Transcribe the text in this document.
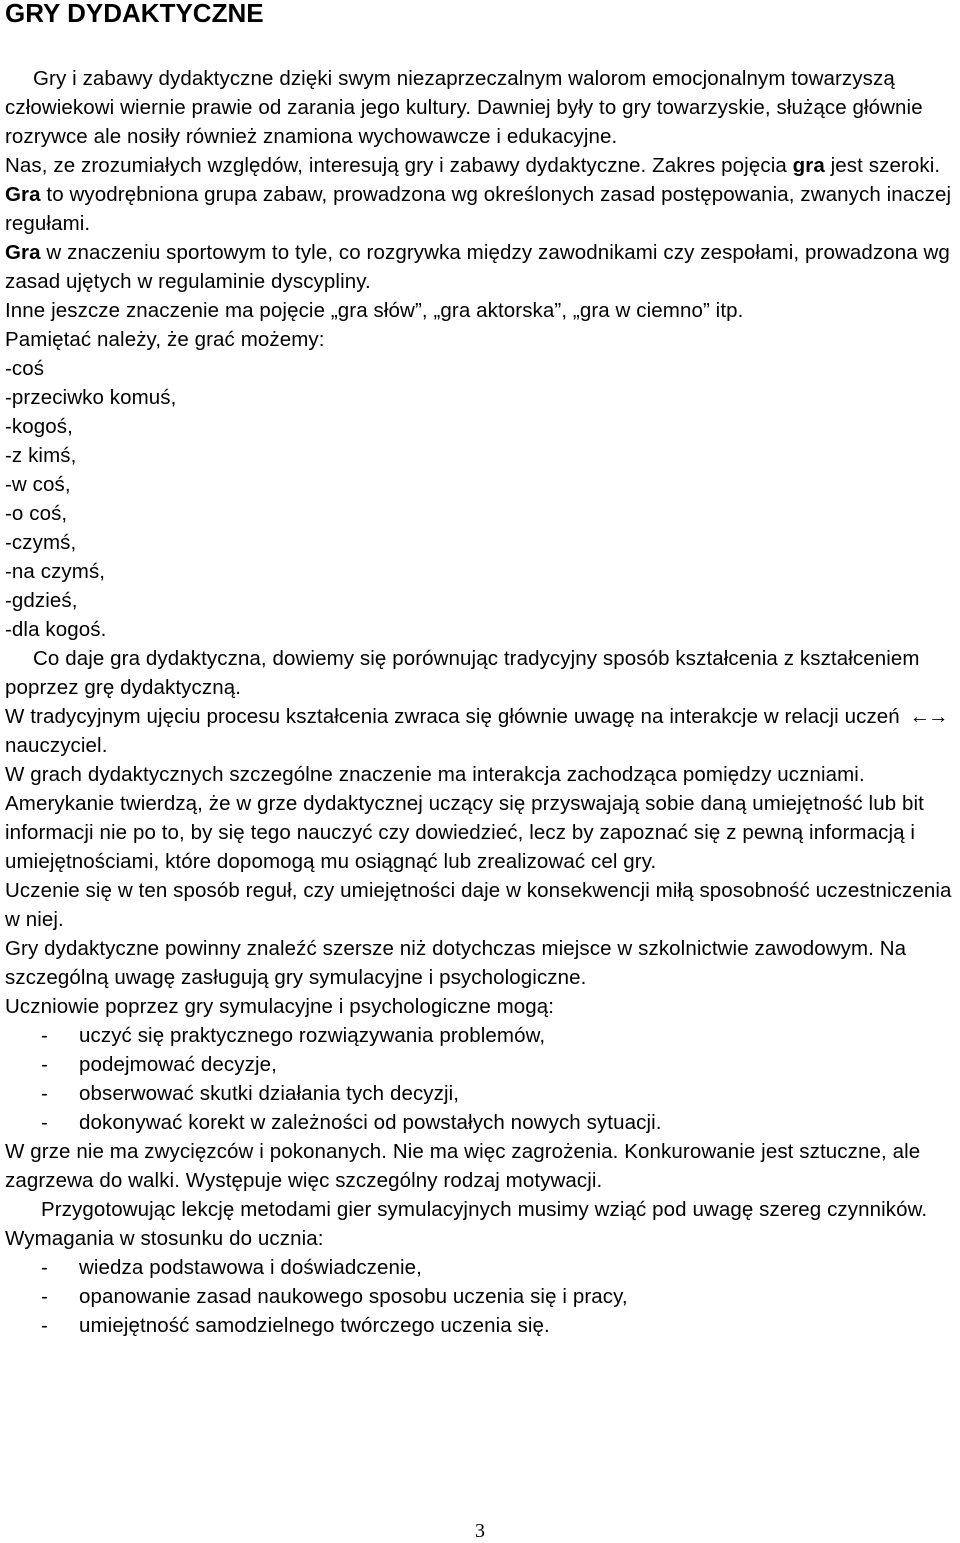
GRY DYDAKTYCZNE

Gry i zabawy dydaktyczne dzięki swym niezaprzeczalnym walorom emocjonalnym towarzyszą człowiekowi wiernie prawie od zarania jego kultury. Dawniej były to gry towarzyskie, służące głównie rozrywce ale nosiły również znamiona wychowawcze i edukacyjne.

Nas, ze zrozumiałych względów, interesują gry i zabawy dydaktyczne. Zakres pojęcia gra jest szeroki.

Gra to wyodrębniona grupa zabaw, prowadzona wg określonych zasad postępowania, zwanych inaczej regułami.

Gra w znaczeniu sportowym to tyle, co rozgrywka między zawodnikami czy zespołami, prowadzona wg zasad ujętych w regulaminie dyscypliny.

Inne jeszcze znaczenie ma pojęcie „gra słów”, „gra aktorska”, „gra w ciemno” itp.

Pamiętać należy, że grać możemy:

-coś
-przeciwko komuś,
-kogoś,
-z kimś,
-w coś,
-o coś,
-czymś,
-na czymś,
-gdzieś,
-dla kogoś.

Co daje gra dydaktyczna, dowiemy się porównując tradycyjny sposób kształcenia z kształceniem poprzez grę dydaktyczną.

W tradycyjnym ujęciu procesu kształcenia zwraca się głównie uwagę na interakcje w relacji uczeń ←→ nauczyciel.

W grach dydaktycznych szczególne znaczenie ma interakcja zachodząca pomiędzy uczniami. Amerykanie twierdzą, że w grze dydaktycznej uczący się przyswajają sobie daną umiejętność lub bit informacji nie po to, by się tego nauczyć czy dowiedzieć, lecz by zapoznać się z pewną informacją i umiejętnościami, które dopomogą mu osiągnąć lub zrealizować cel gry.

Uczenie się w ten sposób reguł, czy umiejętności daje w konsekwencji miłą sposobność uczestniczenia w niej.

Gry dydaktyczne powinny znaleźć szersze niż dotychczas miejsce w szkolnictwie zawodowym. Na szczególną uwagę zasługują gry symulacyjne i psychologiczne.

Uczniowie poprzez gry symulacyjne i psychologiczne mogą:

- uczyć się praktycznego rozwiązywania problemów,
- podejmować decyzje,
- obserwować skutki działania tych decyzji,
- dokonywać korekt w zależności od powstałych nowych sytuacji.

W grze nie ma zwycięzców i pokonanych. Nie ma więc zagrożenia. Konkurowanie jest sztuczne, ale zagrzewa do walki. Występuje więc szczególny rodzaj motywacji.

Przygotowując lekcję metodami gier symulacyjnych musimy wziąć pod uwagę szereg czynników.

Wymagania w stosunku do ucznia:

- wiedza podstawowa i doświadczenie,
- opanowanie zasad naukowego sposobu uczenia się i pracy,
- umiejętność samodzielnego twórczego uczenia się.
3
